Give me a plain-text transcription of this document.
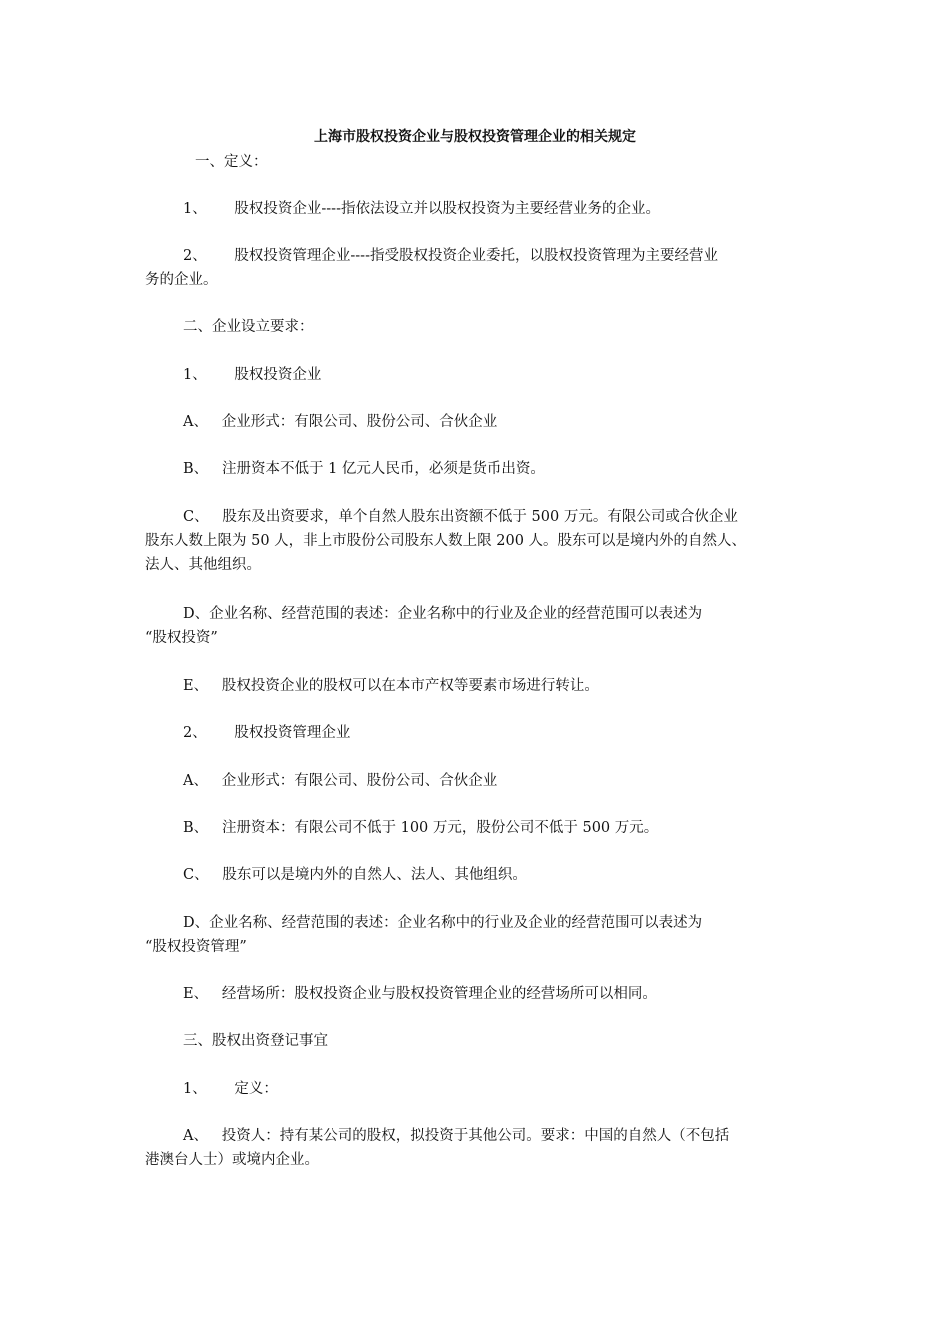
上海市股权投资企业与股权投资管理企业的相关规定
一、定义：
1、      股权投资企业----指依法设立并以股权投资为主要经营业务的企业。
2、      股权投资管理企业----指受股权投资企业委托，以股权投资管理为主要经营业
务的企业。
二、企业设立要求：
1、      股权投资企业
A、   企业形式：有限公司、股份公司、合伙企业
B、   注册资本不低于 1 亿元人民币，必须是货币出资。
C、   股东及出资要求，单个自然人股东出资额不低于 500 万元。有限公司或合伙企业
股东人数上限为 50 人，非上市股份公司股东人数上限 200 人。股东可以是境内外的自然人、
法人、其他组织。
D、企业名称、经营范围的表述：企业名称中的行业及企业的经营范围可以表述为
“股权投资”
E、   股权投资企业的股权可以在本市产权等要素市场进行转让。
2、      股权投资管理企业
A、   企业形式：有限公司、股份公司、合伙企业
B、   注册资本：有限公司不低于 100 万元，股份公司不低于 500 万元。
C、   股东可以是境内外的自然人、法人、其他组织。
D、企业名称、经营范围的表述：企业名称中的行业及企业的经营范围可以表述为
“股权投资管理”
E、   经营场所：股权投资企业与股权投资管理企业的经营场所可以相同。
三、股权出资登记事宜
1、      定义：
A、   投资人：持有某公司的股权，拟投资于其他公司。要求：中国的自然人（不包括
港澳台人士）或境内企业。
